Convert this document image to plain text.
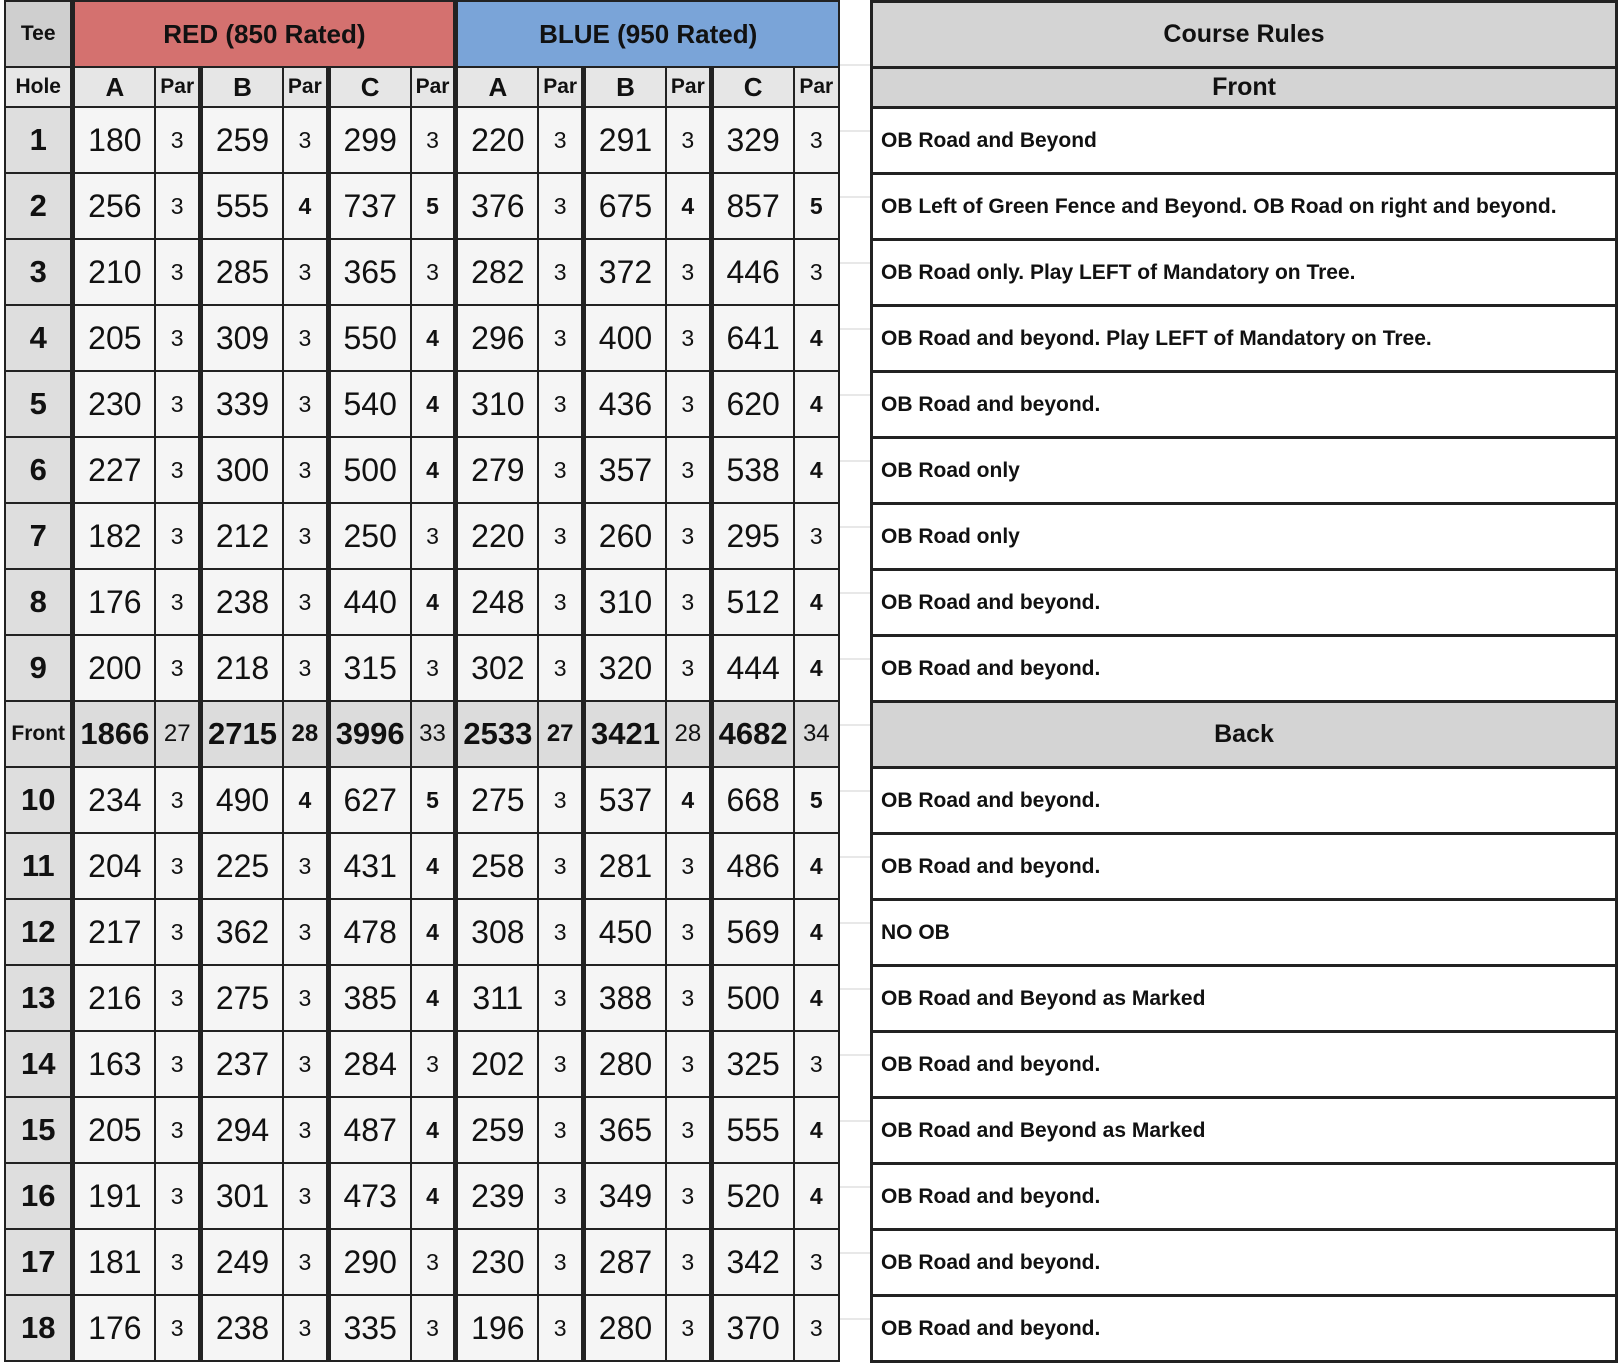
Tee	RED (850 Rated)						BLUE (950 Rated)					
Hole	A	Par	B	Par	C	Par	A	Par	B	Par	C	Par
1	180	3	259	3	299	3	220	3	291	3	329	3
2	256	3	555	4	737	5	376	3	675	4	857	5
3	210	3	285	3	365	3	282	3	372	3	446	3
4	205	3	309	3	550	4	296	3	400	3	641	4
5	230	3	339	3	540	4	310	3	436	3	620	4
6	227	3	300	3	500	4	279	3	357	3	538	4
7	182	3	212	3	250	3	220	3	260	3	295	3
8	176	3	238	3	440	4	248	3	310	3	512	4
9	200	3	218	3	315	3	302	3	320	3	444	4
Front	1866	27	2715	28	3996	33	2533	27	3421	28	4682	34
10	234	3	490	4	627	5	275	3	537	4	668	5
11	204	3	225	3	431	4	258	3	281	3	486	4
12	217	3	362	3	478	4	308	3	450	3	569	4
13	216	3	275	3	385	4	311	3	388	3	500	4
14	163	3	237	3	284	3	202	3	280	3	325	3
15	205	3	294	3	487	4	259	3	365	3	555	4
16	191	3	301	3	473	4	239	3	349	3	520	4
17	181	3	249	3	290	3	230	3	287	3	342	3
18	176	3	238	3	335	3	196	3	280	3	370	3
Course Rules
Front
OB Road and Beyond
OB Left of Green Fence and Beyond. OB Road on right and beyond.
OB Road only. Play LEFT of Mandatory on Tree.
OB Road and beyond. Play LEFT of Mandatory on Tree.
OB Road and beyond.
OB Road only
OB Road only
OB Road and beyond.
OB Road and beyond.
Back
OB Road and beyond.
OB Road and beyond.
NO OB
OB Road and Beyond as Marked
OB Road and beyond.
OB Road and Beyond as Marked
OB Road and beyond.
OB Road and beyond.
OB Road and beyond.
